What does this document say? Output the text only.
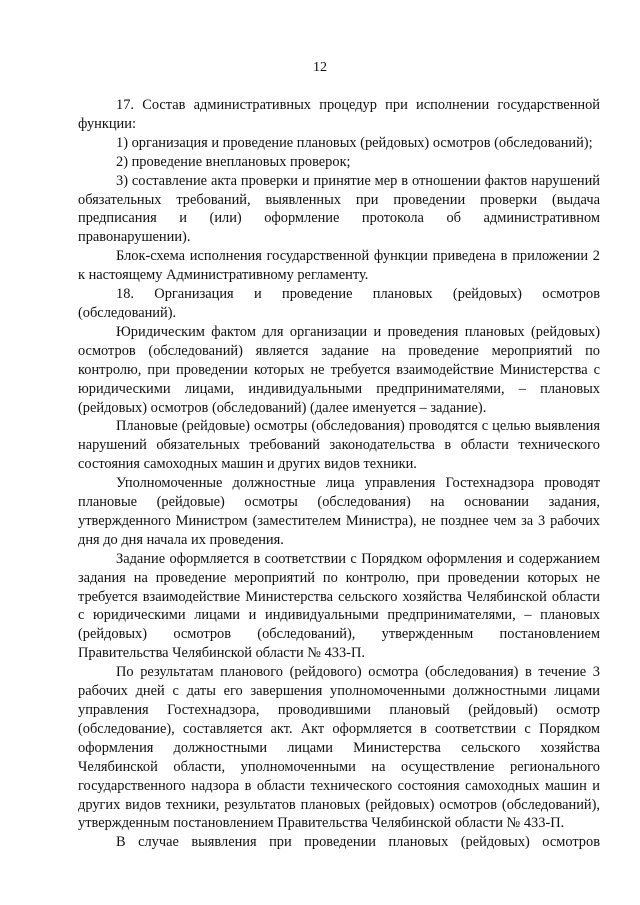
12

17. Состав административных процедур при исполнении государственной функции:

1) организация и проведение плановых (рейдовых) осмотров (обследований);

2) проведение внеплановых проверок;

3) составление акта проверки и принятие мер в отношении фактов нарушений обязательных требований, выявленных при проведении проверки (выдача предписания и (или) оформление протокола об административном правонарушении).

Блок-схема исполнения государственной функции приведена в приложении 2 к настоящему Административному регламенту.

18. Организация и проведение плановых (рейдовых) осмотров (обследований).

Юридическим фактом для организации и проведения плановых (рейдовых) осмотров (обследований) является задание на проведение мероприятий по контролю, при проведении которых не требуется взаимодействие Министерства с юридическими лицами, индивидуальными предпринимателями, – плановых (рейдовых) осмотров (обследований) (далее именуется – задание).

Плановые (рейдовые) осмотры (обследования) проводятся с целью выявления нарушений обязательных требований законодательства в области технического состояния самоходных машин и других видов техники.

Уполномоченные должностные лица управления Гостехнадзора проводят плановые (рейдовые) осмотры (обследования) на основании задания, утвержденного Министром (заместителем Министра), не позднее чем за 3 рабочих дня до дня начала их проведения.

Задание оформляется в соответствии с Порядком оформления и содержанием задания на проведение мероприятий по контролю, при проведении которых не требуется взаимодействие Министерства сельского хозяйства Челябинской области с юридическими лицами и индивидуальными предпринимателями, – плановых (рейдовых) осмотров (обследований), утвержденным постановлением Правительства Челябинской области № 433-П.

По результатам планового (рейдового) осмотра (обследования) в течение 3 рабочих дней с даты его завершения уполномоченными должностными лицами управления Гостехнадзора, проводившими плановый (рейдовый) осмотр (обследование), составляется акт. Акт оформляется в соответствии с Порядком оформления должностными лицами Министерства сельского хозяйства Челябинской области, уполномоченными на осуществление регионального государственного надзора в области технического состояния самоходных машин и других видов техники, результатов плановых (рейдовых) осмотров (обследований), утвержденным постановлением Правительства Челябинской области № 433-П.

В случае выявления при проведении плановых (рейдовых) осмотров
